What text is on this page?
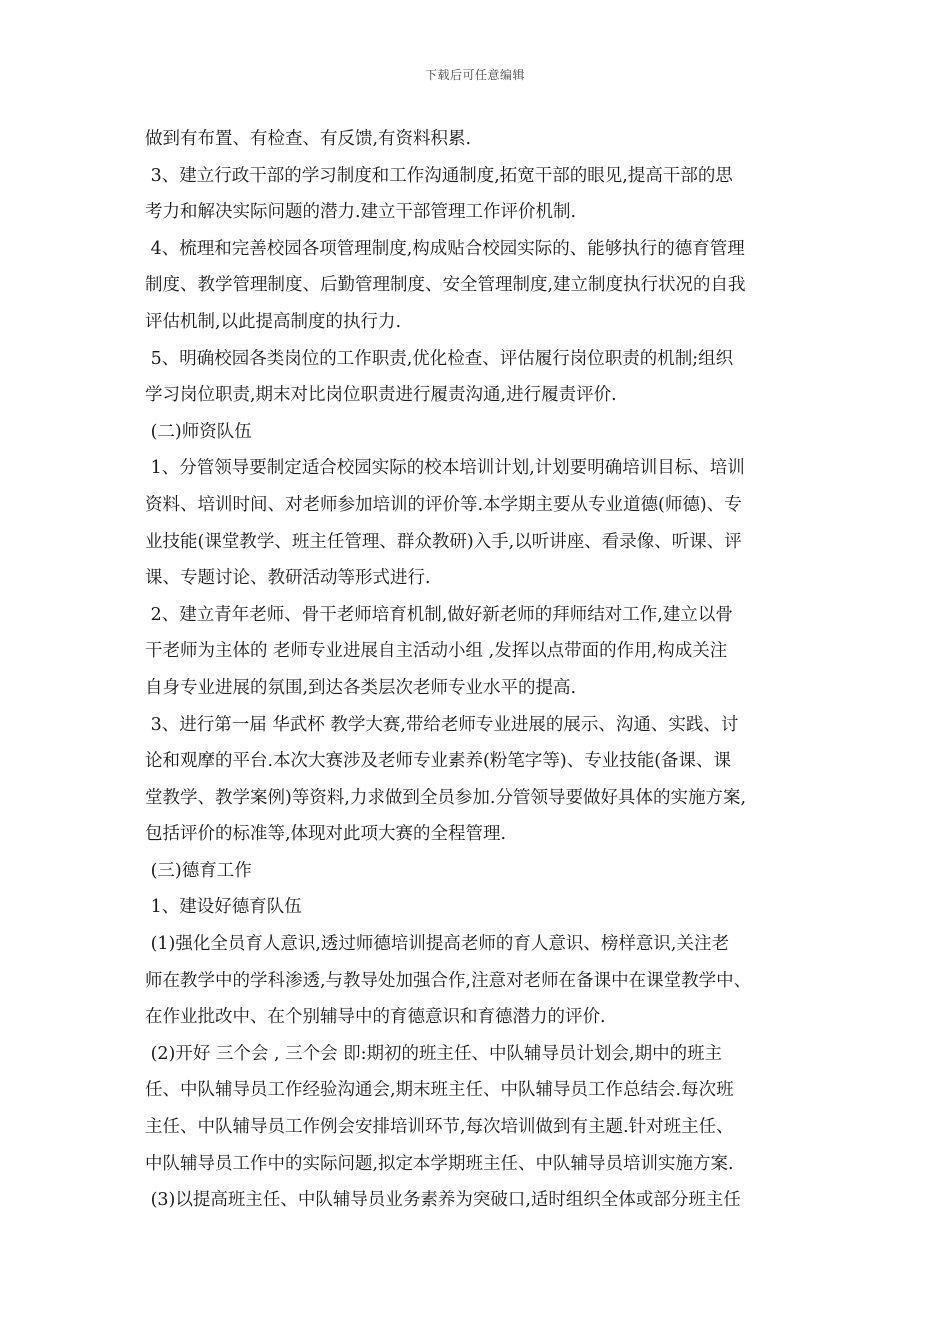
下载后可任意编辑
做到有布置、有检查、有反馈,有资料积累.
3、建立行政干部的学习制度和工作沟通制度,拓宽干部的眼见,提高干部的思
考力和解决实际问题的潜力.建立干部管理工作评价机制.
4、梳理和完善校园各项管理制度,构成贴合校园实际的、能够执行的德育管理
制度、教学管理制度、后勤管理制度、安全管理制度,建立制度执行状况的自我
评估机制,以此提高制度的执行力.
5、明确校园各类岗位的工作职责,优化检查、评估履行岗位职责的机制;组织
学习岗位职责,期末对比岗位职责进行履责沟通,进行履责评价.
(二)师资队伍
1、分管领导要制定适合校园实际的校本培训计划,计划要明确培训目标、培训
资料、培训时间、对老师参加培训的评价等.本学期主要从专业道德(师德)、专
业技能(课堂教学、班主任管理、群众教研)入手,以听讲座、看录像、听课、评
课、专题讨论、教研活动等形式进行.
2、建立青年老师、骨干老师培育机制,做好新老师的拜师结对工作,建立以骨
干老师为主体的 老师专业进展自主活动小组 ,发挥以点带面的作用,构成关注
自身专业进展的氛围,到达各类层次老师专业水平的提高.
3、进行第一届 华武杯 教学大赛,带给老师专业进展的展示、沟通、实践、讨
论和观摩的平台.本次大赛涉及老师专业素养(粉笔字等)、专业技能(备课、课
堂教学、教学案例)等资料,力求做到全员参加.分管领导要做好具体的实施方案,
包括评价的标准等,体现对此项大赛的全程管理.
(三)德育工作
1、建设好德育队伍
(1)强化全员育人意识,透过师德培训提高老师的育人意识、榜样意识,关注老
师在教学中的学科渗透,与教导处加强合作,注意对老师在备课中在课堂教学中、
在作业批改中、在个别辅导中的育德意识和育德潜力的评价.
(2)开好 三个会 , 三个会 即:期初的班主任、中队辅导员计划会,期中的班主
任、中队辅导员工作经验沟通会,期末班主任、中队辅导员工作总结会.每次班
主任、中队辅导员工作例会安排培训环节,每次培训做到有主题.针对班主任、
中队辅导员工作中的实际问题,拟定本学期班主任、中队辅导员培训实施方案.
(3)以提高班主任、中队辅导员业务素养为突破口,适时组织全体或部分班主任
